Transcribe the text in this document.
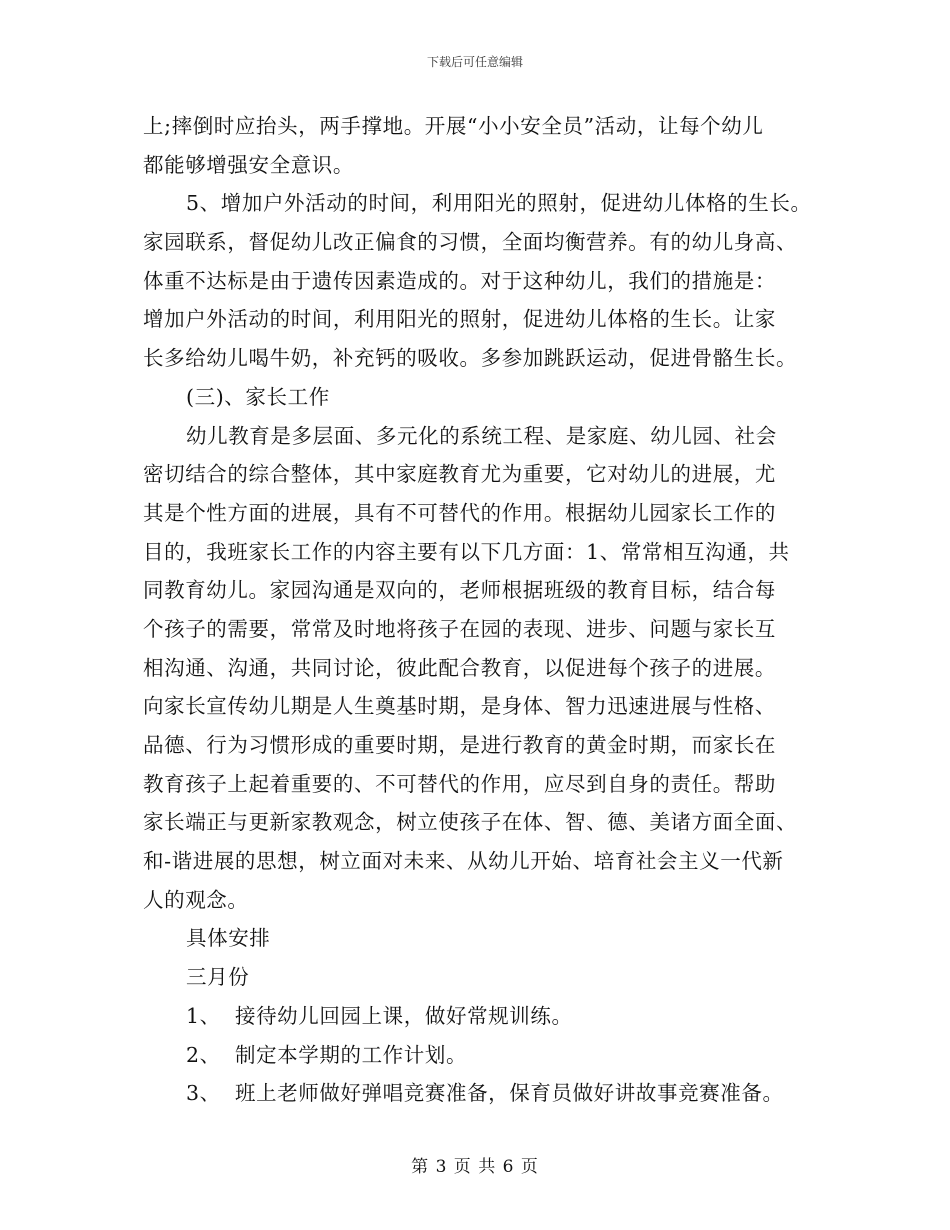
下载后可任意编辑
上;摔倒时应抬头，两手撑地。开展“小小安全员”活动，让每个幼儿
都能够增强安全意识。
5、增加户外活动的时间，利用阳光的照射，促进幼儿体格的生长。
家园联系，督促幼儿改正偏食的习惯，全面均衡营养。有的幼儿身高、
体重不达标是由于遗传因素造成的。对于这种幼儿，我们的措施是：
增加户外活动的时间，利用阳光的照射，促进幼儿体格的生长。让家
长多给幼儿喝牛奶，补充钙的吸收。多参加跳跃运动，促进骨骼生长。
(三)、家长工作
幼儿教育是多层面、多元化的系统工程、是家庭、幼儿园、社会
密切结合的综合整体，其中家庭教育尤为重要，它对幼儿的进展，尤
其是个性方面的进展，具有不可替代的作用。根据幼儿园家长工作的
目的，我班家长工作的内容主要有以下几方面：1、常常相互沟通，共
同教育幼儿。家园沟通是双向的，老师根据班级的教育目标，结合每
个孩子的需要，常常及时地将孩子在园的表现、进步、问题与家长互
相沟通、沟通，共同讨论，彼此配合教育，以促进每个孩子的进展。
向家长宣传幼儿期是人生奠基时期，是身体、智力迅速进展与性格、
品德、行为习惯形成的重要时期，是进行教育的黄金时期，而家长在
教育孩子上起着重要的、不可替代的作用，应尽到自身的责任。帮助
家长端正与更新家教观念，树立使孩子在体、智、德、美诸方面全面、
和-谐进展的思想，树立面对未来、从幼儿开始、培育社会主义一代新
人的观念。
具体安排
三月份
1、  接待幼儿回园上课，做好常规训练。
2、  制定本学期的工作计划。
3、  班上老师做好弹唱竞赛准备，保育员做好讲故事竞赛准备。
第 3 页 共 6 页
